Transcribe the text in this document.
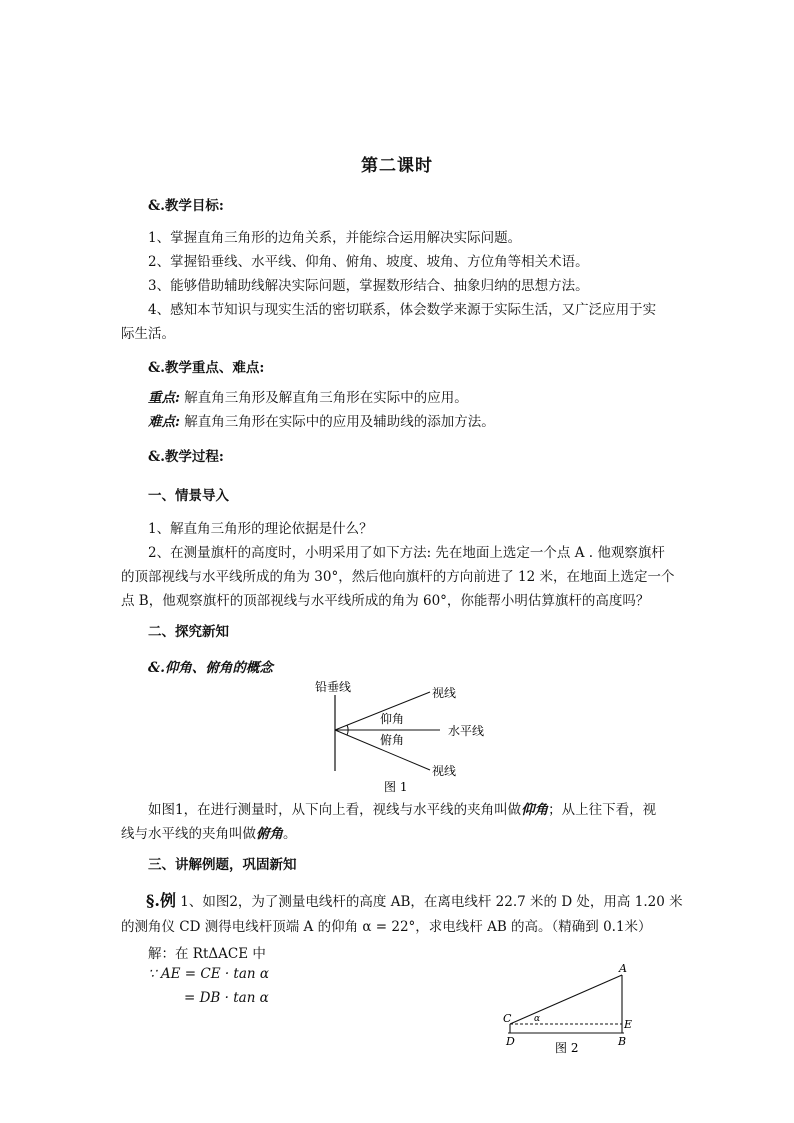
第二课时
&.教学目标:
1、掌握直角三角形的边角关系，并能综合运用解决实际问题。
2、掌握铅垂线、水平线、仰角、俯角、坡度、坡角、方位角等相关术语。
3、能够借助辅助线解决实际问题，掌握数形结合、抽象归纳的思想方法。
4、感知本节知识与现实生活的密切联系，体会数学来源于实际生活，又广泛应用于实
际生活。
&.教学重点、难点:
重点: 解直角三角形及解直角三角形在实际中的应用。
难点: 解直角三角形在实际中的应用及辅助线的添加方法。
&.教学过程:
一、情景导入
1、解直角三角形的理论依据是什么？
2、在测量旗杆的高度时，小明采用了如下方法: 先在地面上选定一个点 A . 他观察旗杆
的顶部视线与水平线所成的角为 30°，然后他向旗杆的方向前进了 12 米，在地面上选定一个
点 B，他观察旗杆的顶部视线与水平线所成的角为 60°，你能帮小明估算旗杆的高度吗？
二、探究新知
&.仰角、俯角的概念
铅垂线	视线
仰角
水平线
俯角
视线
图 1
如图1，在进行测量时，从下向上看，视线与水平线的夹角叫做仰角；从上往下看，视
线与水平线的夹角叫做俯角。
三、讲解例题，巩固新知
§.例 1、如图2，为了测量电线杆的高度 AB，在离电线杆 22.7 米的 D 处，用高 1.20 米
的测角仪 CD 测得电线杆顶端 A 的仰角 α = 22°，求电线杆 AB 的高。（精确到 0.1米）
解：在 RtΔACE 中
∵ AE = CE · tan α
= DB · tan α
A
C	α	E
D	B
图 2
